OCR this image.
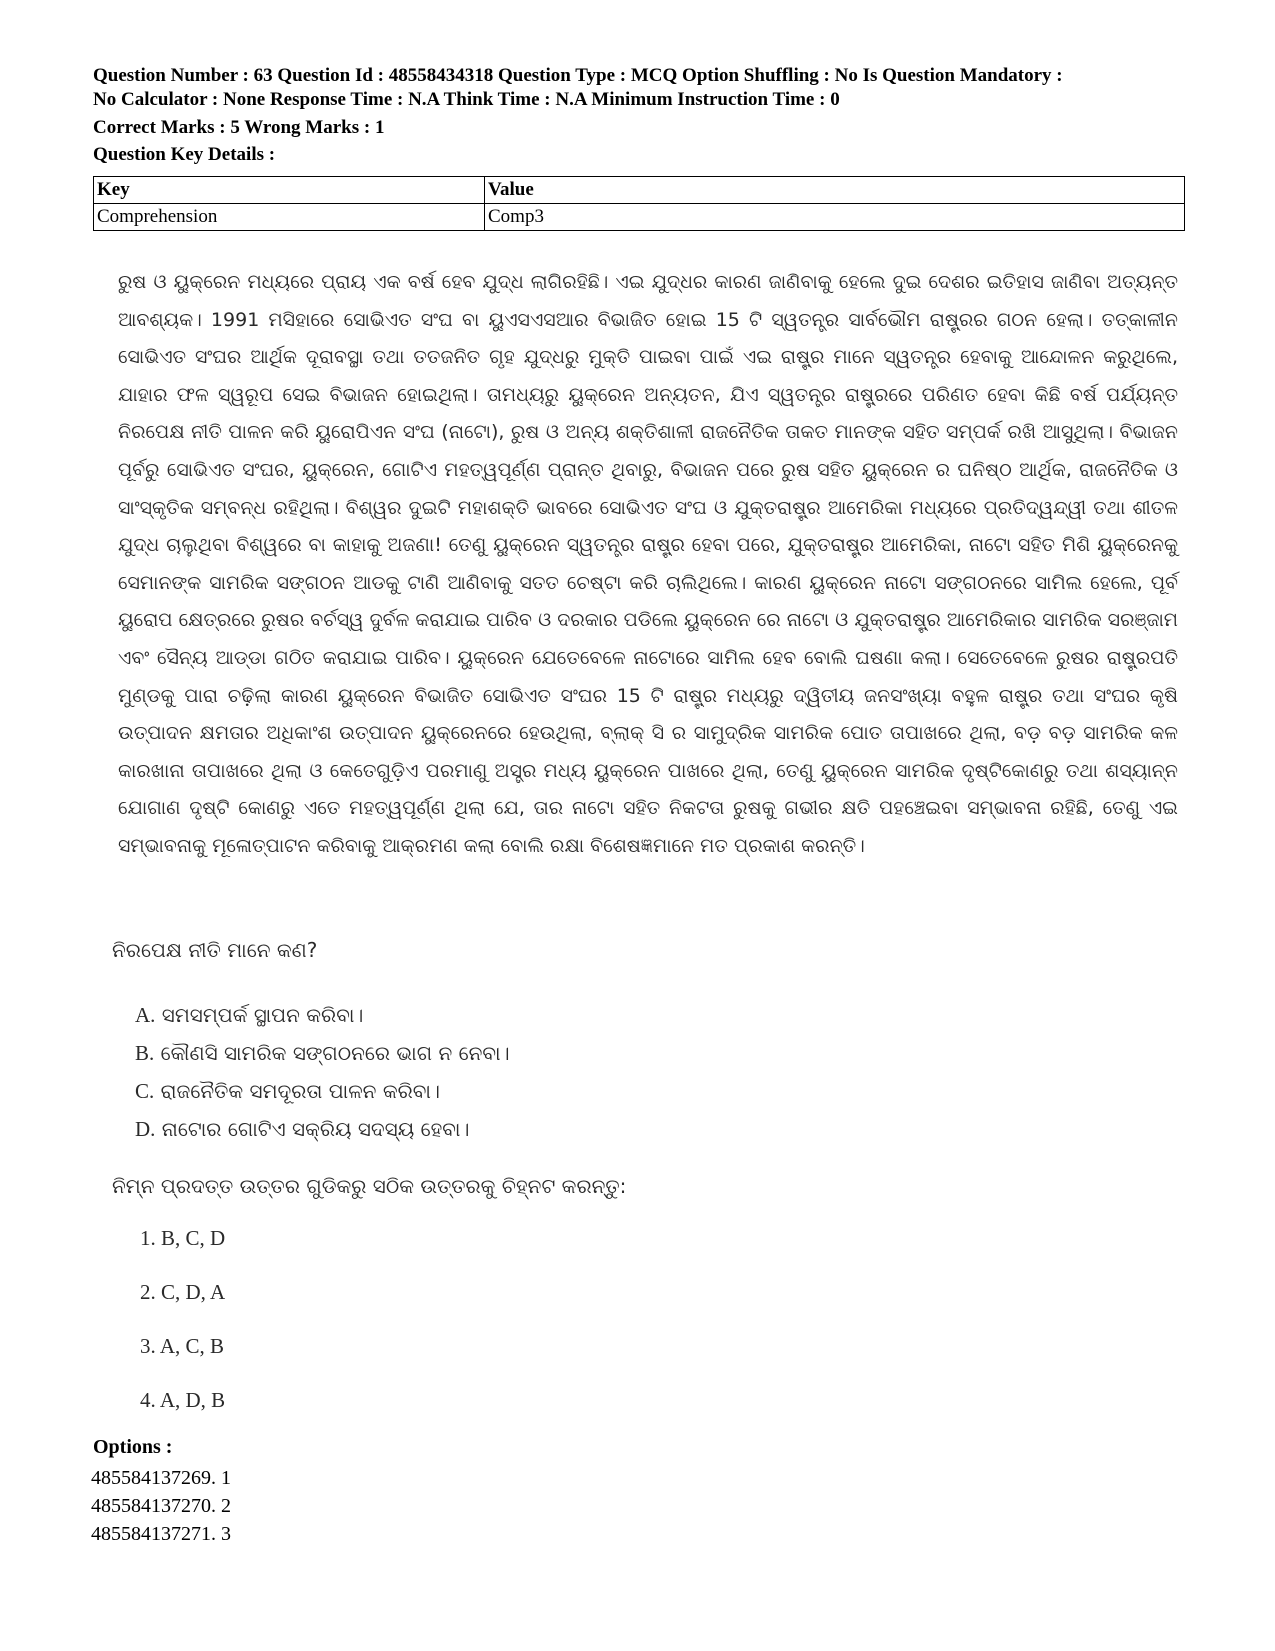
Question Number : 63 Question Id : 48558434318 Question Type : MCQ Option Shuffling : No Is Question Mandatory :
No Calculator : None Response Time : N.A Think Time : N.A Minimum Instruction Time : 0
Correct Marks : 5 Wrong Marks : 1
Question Key Details :
Key	Value
Comprehension	Comp3
ରୁଷ ଓ ୟୁକ୍ରେନ ମଧ୍ୟରେ ପ୍ରାୟ ଏକ ବର୍ଷ ହେବ ଯୁଦ୍ଧ ଲାଗିରହିଛି। ଏଇ ଯୁଦ୍ଧର କାରଣ ଜାଣିବାକୁ ହେଲେ ଦୁଇ ଦେଶର ଇତିହାସ ଜାଣିବା ଅତ୍ୟନ୍ତ ଆବଶ୍ୟକ। 1991 ମସିହାରେ ସୋଭିଏତ ସଂଘ ବା ୟୁଏସଏସଆର ବିଭାଜିତ ହୋଇ 15 ଟି ସ୍ୱତନ୍ତ୍ର ସାର୍ବଭୌମ ରାଷ୍ଟ୍ରର ଗଠନ ହେଲା। ତତ୍କାଳୀନ ସୋଭିଏତ ସଂଘର ଆର୍ଥିକ ଦୂରାବସ୍ଥା ତଥା ତତଜନିତ ଗୃହ ଯୁଦ୍ଧରୁ ମୁକ୍ତି ପାଇବା ପାଇଁ ଏଇ ରାଷ୍ଟ୍ର ମାନେ ସ୍ୱତନ୍ତ୍ର ହେବାକୁ ଆନ୍ଦୋଳନ କରୁଥିଲେ, ଯାହାର ଫଳ ସ୍ୱରୂପ ସେଇ ବିଭାଜନ ହୋଇଥିଲା। ତାମଧ୍ୟରୁ ୟୁକ୍ରେନ ଅନ୍ୟତନ, ଯିଏ ସ୍ୱତନ୍ତ୍ର ରାଷ୍ଟ୍ରରେ ପରିଣତ ହେବା କିଛି ବର୍ଷ ପର୍ଯ୍ୟନ୍ତ ନିରପେକ୍ଷ ନୀତି ପାଳନ କରି ୟୁରୋପିଏନ ସଂଘ (ନାଟୋ), ରୁଷ ଓ ଅନ୍ୟ ଶକ୍ତିଶାଳୀ ରାଜନୈତିକ ତାକତ ମାନଙ୍କ ସହିତ ସମ୍ପର୍କ ରଖି ଆସୁଥିଲା। ବିଭାଜନ ପୂର୍ବରୁ ସୋଭିଏତ ସଂଘର, ୟୁକ୍ରେନ, ଗୋଟିଏ ମହତ୍ୱପୂର୍ଣ୍ଣ ପ୍ରାନ୍ତ ଥିବାରୁ, ବିଭାଜନ ପରେ ରୁଷ ସହିତ ୟୁକ୍ରେନ ର ଘନିଷ୍ଠ ଆର୍ଥିକ, ରାଜନୈତିକ ଓ ସାଂସ୍କୃତିକ ସମ୍ବନ୍ଧ ରହିଥିଲା। ବିଶ୍ୱର ଦୁଇଟି ମହାଶକ୍ତି ଭାବରେ ସୋଭିଏତ ସଂଘ ଓ ଯୁକ୍ତରାଷ୍ଟ୍ର ଆମେରିକା ମଧ୍ୟରେ ପ୍ରତିଦ୍ୱନ୍ଦ୍ୱୀ ତଥା ଶୀତଳ ଯୁଦ୍ଧ ଚାଲୁଥିବା ବିଶ୍ୱରେ ବା କାହାକୁ ଅଜଣା! ତେଣୁ ୟୁକ୍ରେନ ସ୍ୱତନ୍ତ୍ର ରାଷ୍ଟ୍ର ହେବା ପରେ, ଯୁକ୍ତରାଷ୍ଟ୍ର ଆମେରିକା, ନାଟୋ ସହିତ ମିଶି ୟୁକ୍ରେନକୁ ସେମାନଙ୍କ ସାମରିକ ସଙ୍ଗଠନ ଆଡକୁ ଟାଣି ଆଣିବାକୁ ସତତ ଚେଷ୍ଟା କରି ଚାଲିଥିଲେ। କାରଣ ୟୁକ୍ରେନ ନାଟୋ ସଙ୍ଗଠନରେ ସାମିଲ ହେଲେ, ପୂର୍ବ ୟୁରୋପ କ୍ଷେତ୍ରରେ ରୁଷର ବର୍ଚସ୍ୱ ଦୁର୍ବଳ କରାଯାଇ ପାରିବ ଓ ଦରକାର ପଡିଲେ ୟୁକ୍ରେନ ରେ ନାଟୋ ଓ ଯୁକ୍ତରାଷ୍ଟ୍ର ଆମେରିକାର ସାମରିକ ସରଞ୍ଜାମ ଏବଂ ସୈନ୍ୟ ଆଡ୍ଡା ଗଠିତ କରାଯାଇ ପାରିବ। ୟୁକ୍ରେନ ଯେତେବେଳେ ନାଟୋରେ ସାମିଲ ହେବ ବୋଲି ଘଷଣା କଲା। ସେତେବେଳେ ରୁଷର ରାଷ୍ଟ୍ରପତି ମୁଣ୍ଡକୁ ପାରା ଚଢ଼ିଲା କାରଣ ୟୁକ୍ରେନ ବିଭାଜିତ ସୋଭିଏତ ସଂଘର 15 ଟି ରାଷ୍ଟ୍ର ମଧ୍ୟରୁ ଦ୍ୱିତୀୟ ଜନସଂଖ୍ୟା ବହୁଳ ରାଷ୍ଟ୍ର ତଥା ସଂଘର କୃଷି ଉତ୍ପାଦନ କ୍ଷମତାର ଅଧିକାଂଶ ଉତ୍ପାଦନ ୟୁକ୍ରେନରେ ହେଉଥିଲା, ବ୍ଲାକ୍ ସି ର ସାମୁଦ୍ରିକ ସାମରିକ ପୋତ ତାପାଖରେ ଥିଲା, ବଡ଼ ବଡ଼ ସାମରିକ କଳ କାରଖାନା ତାପାଖରେ ଥିଲା ଓ କେତେଗୁଡ଼ିଏ ପରମାଣୁ ଅସ୍ତ୍ର ମଧ୍ୟ ୟୁକ୍ରେନ ପାଖରେ ଥିଲା, ତେଣୁ ୟୁକ୍ରେନ ସାମରିକ ଦୃଷ୍ଟିକୋଣରୁ ତଥା ଶସ୍ୟାନ୍ନ ଯୋଗାଣ ଦୃଷ୍ଟି କୋଣରୁ ଏତେ ମହତ୍ୱପୂର୍ଣ୍ଣ ଥିଲା ଯେ, ତାର ନାଟୋ ସହିତ ନିକଟତା ରୁଷକୁ ଗଭୀର କ୍ଷତି ପହଞ୍ଚେଇବା ସମ୍ଭାବନା ରହିଛି, ତେଣୁ ଏଇ ସମ୍ଭାବନାକୁ ମୂଳୋତ୍ପାଟନ କରିବାକୁ ଆକ୍ରମଣ କଲା ବୋଲି ରକ୍ଷା ବିଶେଷଜ୍ଞମାନେ ମତ ପ୍ରକାଶ କରନ୍ତି।
ନିରପେକ୍ଷ ନୀତି ମାନେ କଣ?
A. ସମସମ୍ପର୍କ ସ୍ଥାପନ କରିବା।
B. କୌଣସି ସାମରିକ ସଙ୍ଗଠନରେ ଭାଗ ନ ନେବା।
C. ରାଜନୈତିକ ସମଦୂରତା ପାଳନ କରିବା।
D. ନାଟୋର ଗୋଟିଏ ସକ୍ରିୟ ସଦସ୍ୟ ହେବା।
ନିମ୍ନ ପ୍ରଦତ୍ତ ଉତ୍ତର ଗୁଡିକରୁ ସଠିକ ଉତ୍ତରକୁ ଚିହ୍ନଟ କରନ୍ତୁ:
1. B, C, D
2. C, D, A
3. A, C, B
4. A, D, B
Options :
485584137269. 1
485584137270. 2
485584137271. 3
